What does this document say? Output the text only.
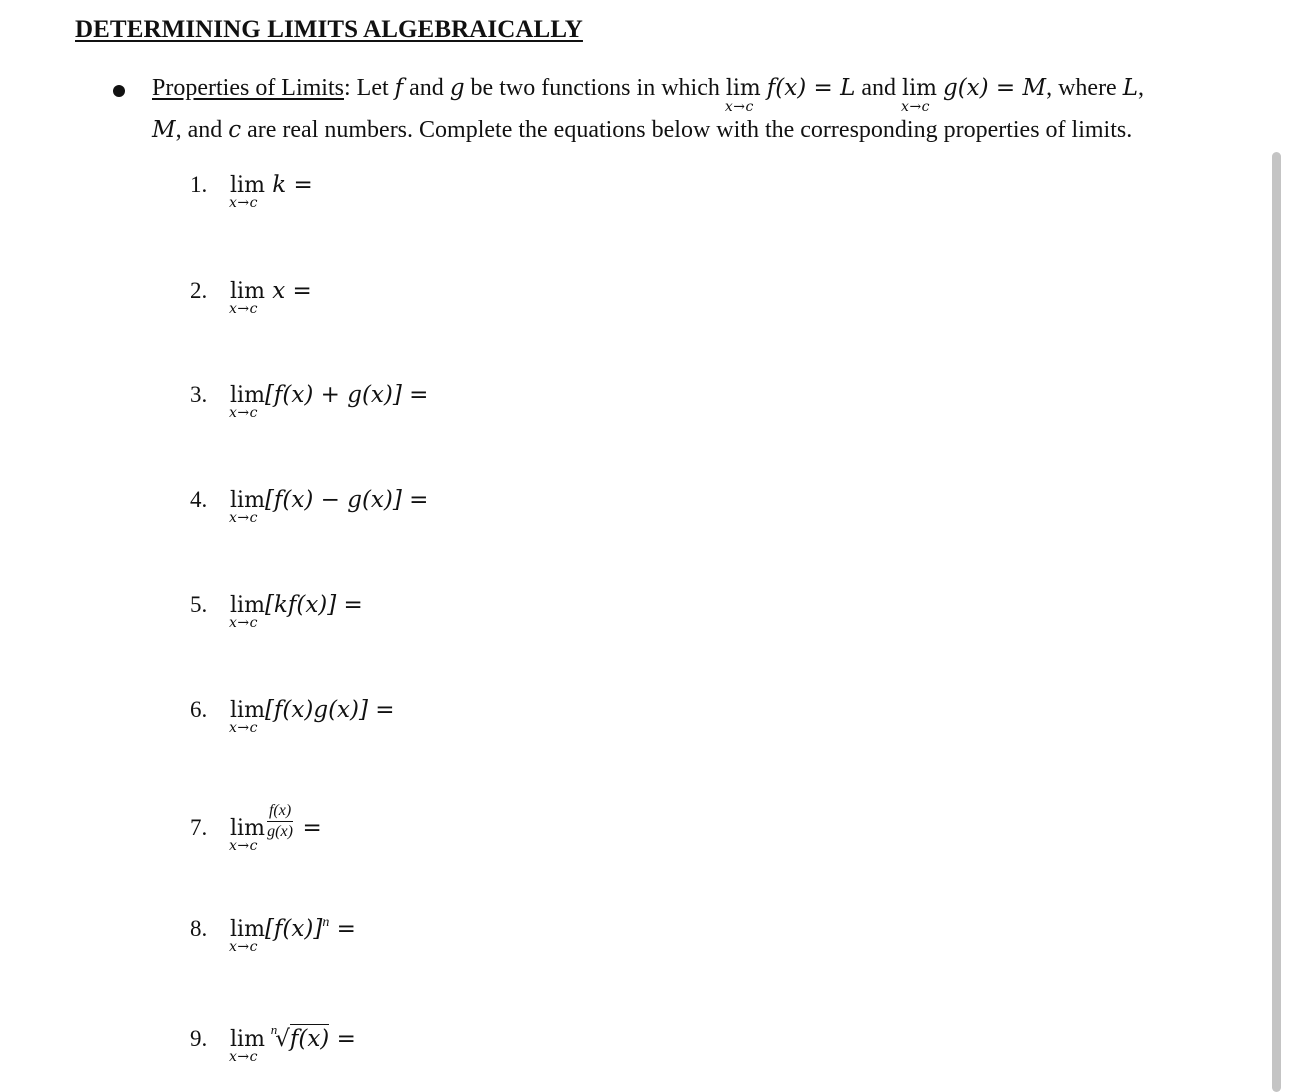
DETERMINING LIMITS ALGEBRAICALLY
Properties of Limits: Let f and g be two functions in which lim
x→c
f(x) = L and lim
x→c
g(x) = M, where L,
M, and c are real numbers. Complete the equations below with the corresponding properties of limits.
1. lim
x→c
k =
2. lim
x→c
x =
3. lim
x→c
[f(x) + g(x)] =
4. lim
x→c
[f(x) − g(x)] =
5. lim
x→c
[kf(x)] =
6. lim
x→c
[f(x)g(x)] =
7. lim
x→c
$\frac{f(x)}{g(x)}$ =
8. lim
x→c
$[f(x)]^n$ =
9. lim
x→c
$^n$√f(x) =
